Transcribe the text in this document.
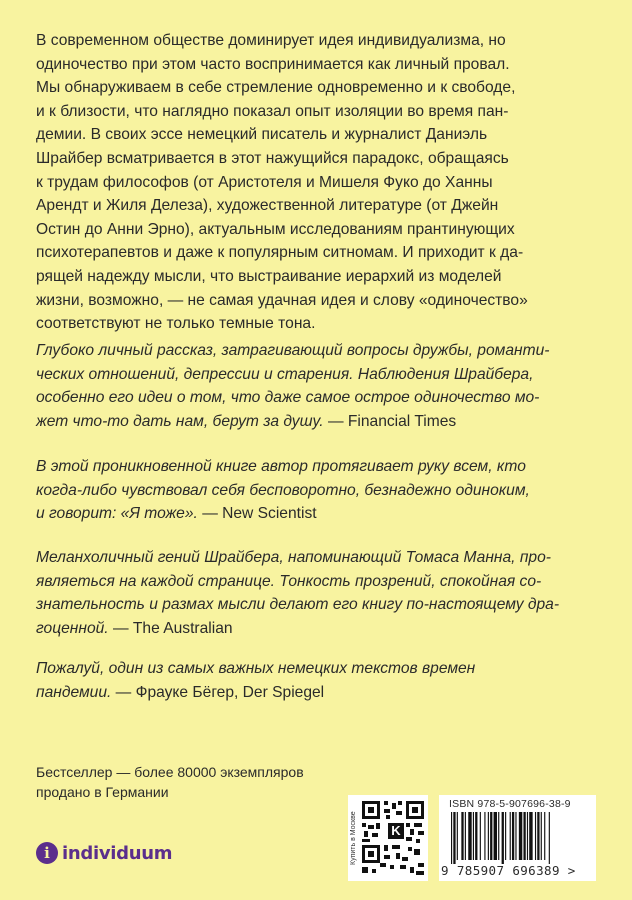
В современном обществе доминирует идея индивидуализма, но
одиночество при этом часто воспринимается как личный провал.
Мы обнаруживаем в себе стремление одновременно и к свободе,
и к близости, что наглядно показал опыт изоляции во время пан-
демии. В своих эссе немецкий писатель и журналист Даниэль
Шрайбер всматривается в этот нажущийся парадокс, обращаясь
к трудам философов (от Аристотеля и Мишеля Фуко до Ханны
Арендт и Жиля Делеза), художественной литературе (от Джейн
Остин до Анни Эрно), актуальным исследованиям прантинующих
психотерапевтов и даже к популярным ситномам. И приходит к да-
рящей надежду мысли, что выстраивание иерархий из моделей
жизни, возможно, — не самая удачная идея и слову «одиночество»
соответствуют не только темные тона.
Глубоко личный рассказ, затрагивающий вопросы дружбы, романти-
ческих отношений, депрессии и старения. Наблюдения Шрайбера,
особенно его идеи о том, что даже самое острое одиночество мо-
жет что-то дать нам, берут за душу. — Financial Times
В этой проникновенной книге автор протягивает руку всем, кто
когда-либо чувствовал себя бесповоротно, безнадежно одиноким,
и говорит: «Я тоже». — New Scientist
Меланхоличный гений Шрайбера, напоминающий Томаса Манна, про-
являеться на каждой странице. Тонкость прозрений, спокойная со-
знательность и размах мысли делают его книгу по-настоящему дра-
гоценной. — The Australian
Пожалуй, один из самых важных немецких текстов времен
пандемии. — Фрауке Бёгер, Der Spiegel
Бестселлер — более 80000 экземпляров
продано в Германии
i individuum	Купить в Москве	K
ISBN 978-5-907696-38-9
9 785907 696389 >
